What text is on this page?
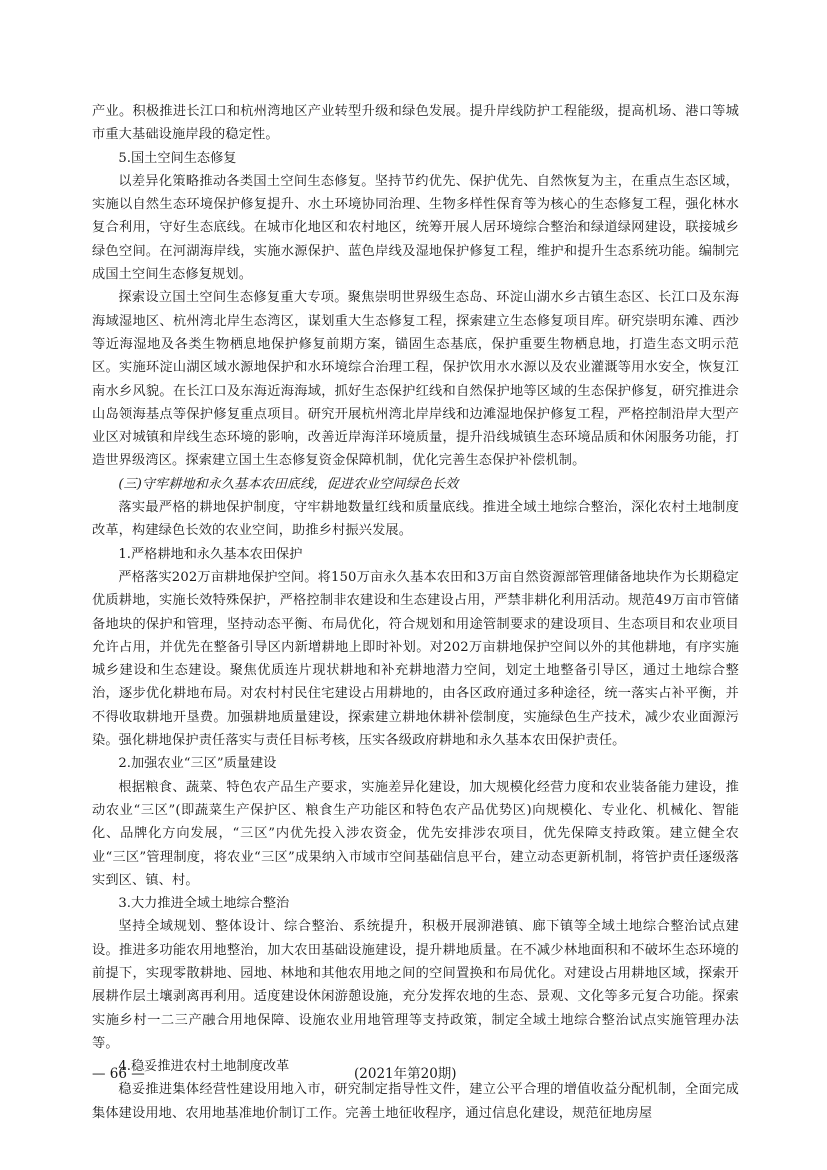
产业。积极推进长江口和杭州湾地区产业转型升级和绿色发展。提升岸线防护工程能级，提高机场、港口等城市重大基础设施岸段的稳定性。

5.国土空间生态修复

以差异化策略推动各类国土空间生态修复。坚持节约优先、保护优先、自然恢复为主，在重点生态区域，实施以自然生态环境保护修复提升、水土环境协同治理、生物多样性保育等为核心的生态修复工程，强化林水复合利用，守好生态底线。在城市化地区和农村地区，统筹开展人居环境综合整治和绿道绿网建设，联接城乡绿色空间。在河湖海岸线，实施水源保护、蓝色岸线及湿地保护修复工程，维护和提升生态系统功能。编制完成国土空间生态修复规划。

探索设立国土空间生态修复重大专项。聚焦崇明世界级生态岛、环淀山湖水乡古镇生态区、长江口及东海海域湿地区、杭州湾北岸生态湾区，谋划重大生态修复工程，探索建立生态修复项目库。研究崇明东滩、西沙等近海湿地及各类生物栖息地保护修复前期方案，锚固生态基底，保护重要生物栖息地，打造生态文明示范区。实施环淀山湖区域水源地保护和水环境综合治理工程，保护饮用水水源以及农业灌溉等用水安全，恢复江南水乡风貌。在长江口及东海近海海域，抓好生态保护红线和自然保护地等区域的生态保护修复，研究推进佘山岛领海基点等保护修复重点项目。研究开展杭州湾北岸岸线和边滩湿地保护修复工程，严格控制沿岸大型产业区对城镇和岸线生态环境的影响，改善近岸海洋环境质量，提升沿线城镇生态环境品质和休闲服务功能，打造世界级湾区。探索建立国土生态修复资金保障机制，优化完善生态保护补偿机制。

(三)守牢耕地和永久基本农田底线，促进农业空间绿色长效

落实最严格的耕地保护制度，守牢耕地数量红线和质量底线。推进全域土地综合整治，深化农村土地制度改革，构建绿色长效的农业空间，助推乡村振兴发展。

1.严格耕地和永久基本农田保护

严格落实202万亩耕地保护空间。将150万亩永久基本农田和3万亩自然资源部管理储备地块作为长期稳定优质耕地，实施长效特殊保护，严格控制非农建设和生态建设占用，严禁非耕化利用活动。规范49万亩市管储备地块的保护和管理，坚持动态平衡、布局优化，符合规划和用途管制要求的建设项目、生态项目和农业项目允许占用，并优先在整备引导区内新增耕地上即时补划。对202万亩耕地保护空间以外的其他耕地，有序实施城乡建设和生态建设。聚焦优质连片现状耕地和补充耕地潜力空间，划定土地整备引导区，通过土地综合整治，逐步优化耕地布局。对农村村民住宅建设占用耕地的，由各区政府通过多种途径，统一落实占补平衡，并不得收取耕地开垦费。加强耕地质量建设，探索建立耕地休耕补偿制度，实施绿色生产技术，减少农业面源污染。强化耕地保护责任落实与责任目标考核，压实各级政府耕地和永久基本农田保护责任。

2.加强农业“三区”质量建设

根据粮食、蔬菜、特色农产品生产要求，实施差异化建设，加大规模化经营力度和农业装备能力建设，推动农业“三区”(即蔬菜生产保护区、粮食生产功能区和特色农产品优势区)向规模化、专业化、机械化、智能化、品牌化方向发展，“三区”内优先投入涉农资金，优先安排涉农项目，优先保障支持政策。建立健全农业“三区”管理制度，将农业“三区”成果纳入市域市空间基础信息平台，建立动态更新机制，将管护责任逐级落实到区、镇、村。

3.大力推进全域土地综合整治

坚持全域规划、整体设计、综合整治、系统提升，积极开展泖港镇、廊下镇等全域土地综合整治试点建设。推进多功能农用地整治，加大农田基础设施建设，提升耕地质量。在不减少林地面积和不破坏生态环境的前提下，实现零散耕地、园地、林地和其他农用地之间的空间置换和布局优化。对建设占用耕地区域，探索开展耕作层土壤剥离再利用。适度建设休闲游憩设施，充分发挥农地的生态、景观、文化等多元复合功能。探索实施乡村一二三产融合用地保障、设施农业用地管理等支持政策，制定全域土地综合整治试点实施管理办法等。

4.稳妥推进农村土地制度改革

稳妥推进集体经营性建设用地入市，研究制定指导性文件，建立公平合理的增值收益分配机制，全面完成集体建设用地、农用地基准地价制订工作。完善土地征收程序，通过信息化建设，规范征地房屋

— 66 —	(2021年第20期)
